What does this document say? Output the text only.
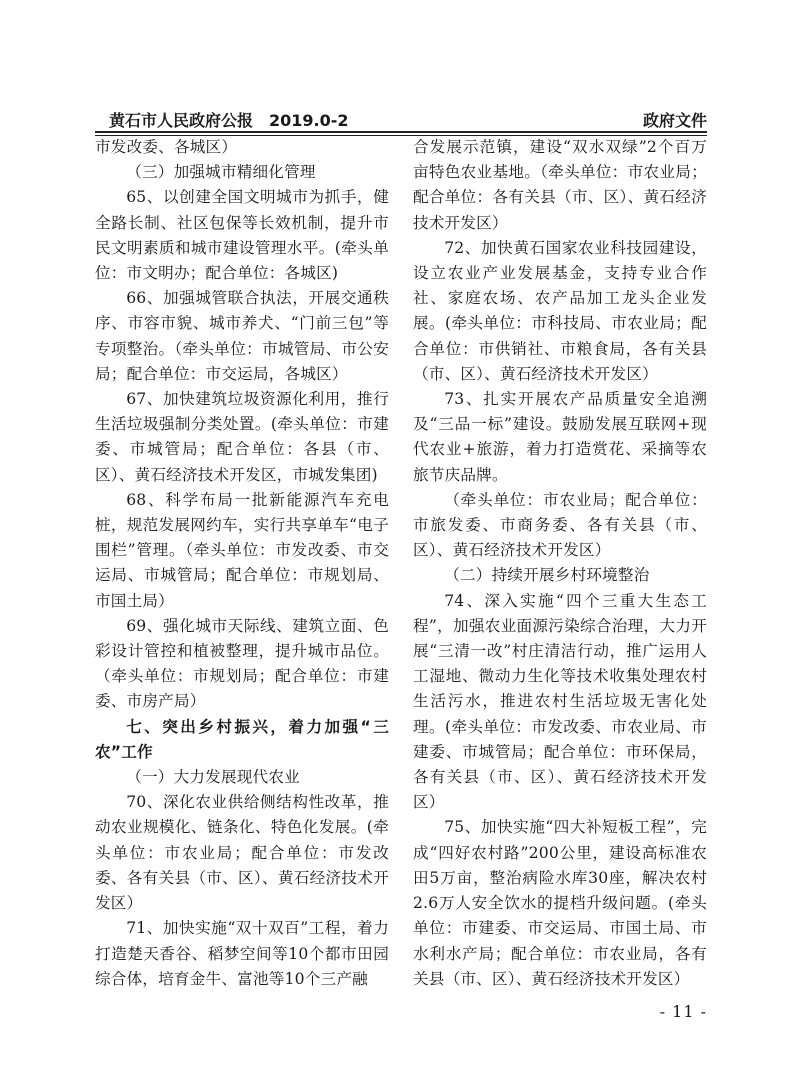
黄石市人民政府公报　2019.0-2	政府文件

市发改委、各城区）

（三）加强城市精细化管理

65、以创建全国文明城市为抓手，健全路长制、社区包保等长效机制，提升市民文明素质和城市建设管理水平。(牵头单位：市文明办；配合单位：各城区)

66、加强城管联合执法，开展交通秩序、市容市貌、城市养犬、“门前三包”等专项整治。（牵头单位：市城管局、市公安局；配合单位：市交运局，各城区）

67、加快建筑垃圾资源化利用，推行生活垃圾强制分类处置。(牵头单位：市建委、市城管局；配合单位：各县（市、区）、黄石经济技术开发区，市城发集团)

68、科学布局一批新能源汽车充电桩，规范发展网约车，实行共享单车“电子围栏”管理。（牵头单位：市发改委、市交运局、市城管局；配合单位：市规划局、市国土局）

69、强化城市天际线、建筑立面、色彩设计管控和植被整理，提升城市品位。（牵头单位：市规划局；配合单位：市建委、市房产局）

七、突出乡村振兴，着力加强“三农”工作

（一）大力发展现代农业

70、深化农业供给侧结构性改革，推动农业规模化、链条化、特色化发展。(牵头单位：市农业局；配合单位：市发改委、各有关县（市、区）、黄石经济技术开发区）

71、加快实施“双十双百”工程，着力打造楚天香谷、稻梦空间等10个都市田园综合体，培育金牛、富池等10个三产融

合发展示范镇，建设“双水双绿”2个百万亩特色农业基地。（牵头单位：市农业局；配合单位：各有关县（市、区）、黄石经济技术开发区）

72、加快黄石国家农业科技园建设，设立农业产业发展基金，支持专业合作社、家庭农场、农产品加工龙头企业发展。(牵头单位：市科技局、市农业局；配合单位：市供销社、市粮食局，各有关县（市、区）、黄石经济技术开发区）

73、扎实开展农产品质量安全追溯及“三品一标”建设。鼓励发展互联网+现代农业+旅游，着力打造赏花、采摘等农旅节庆品牌。

（牵头单位：市农业局；配合单位：市旅发委、市商务委、各有关县（市、区）、黄石经济技术开发区）

（二）持续开展乡村环境整治

74、深入实施“四个三重大生态工程”，加强农业面源污染综合治理，大力开展“三清一改”村庄清洁行动，推广运用人工湿地、微动力生化等技术收集处理农村生活污水，推进农村生活垃圾无害化处理。(牵头单位：市发改委、市农业局、市建委、市城管局；配合单位：市环保局，各有关县（市、区）、黄石经济技术开发区）

75、加快实施“四大补短板工程”，完成“四好农村路”200公里，建设高标准农田5万亩，整治病险水库30座，解决农村2.6万人安全饮水的提档升级问题。(牵头单位：市建委、市交运局、市国土局、市水利水产局；配合单位：市农业局，各有关县（市、区）、黄石经济技术开发区）

- 11 -
